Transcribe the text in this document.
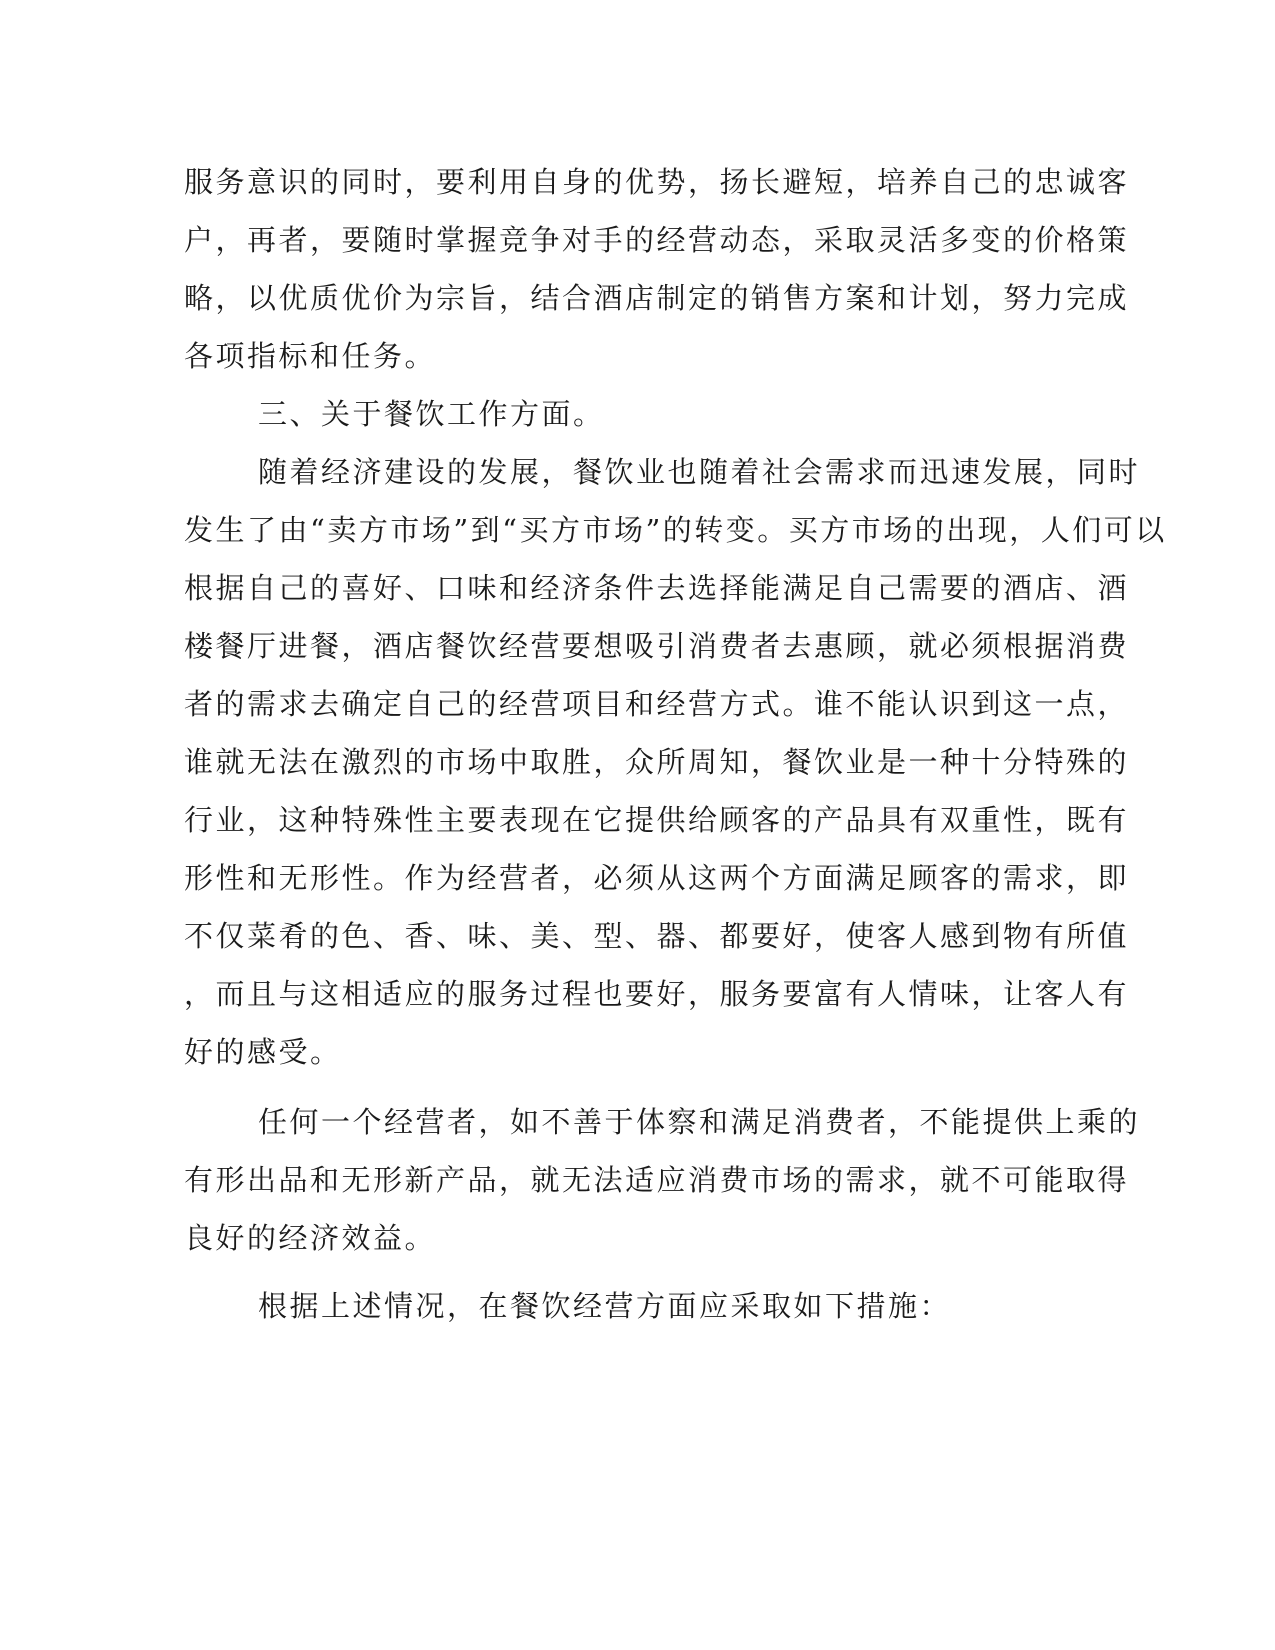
服务意识的同时，要利用自身的优势，扬长避短，培养自己的忠诚客
户，再者，要随时掌握竞争对手的经营动态，采取灵活多变的价格策
略，以优质优价为宗旨，结合酒店制定的销售方案和计划，努力完成
各项指标和任务。
三、关于餐饮工作方面。
随着经济建设的发展，餐饮业也随着社会需求而迅速发展，同时
发生了由“卖方市场”到“买方市场”的转变。买方市场的出现，人们可以
根据自己的喜好、口味和经济条件去选择能满足自己需要的酒店、酒
楼餐厅进餐，酒店餐饮经营要想吸引消费者去惠顾，就必须根据消费
者的需求去确定自己的经营项目和经营方式。谁不能认识到这一点，
谁就无法在激烈的市场中取胜，众所周知，餐饮业是一种十分特殊的
行业，这种特殊性主要表现在它提供给顾客的产品具有双重性，既有
形性和无形性。作为经营者，必须从这两个方面满足顾客的需求，即
不仅菜肴的色、香、味、美、型、器、都要好，使客人感到物有所值
，而且与这相适应的服务过程也要好，服务要富有人情味，让客人有
好的感受。
任何一个经营者，如不善于体察和满足消费者，不能提供上乘的
有形出品和无形新产品，就无法适应消费市场的需求，就不可能取得
良好的经济效益。
根据上述情况，在餐饮经营方面应采取如下措施：
